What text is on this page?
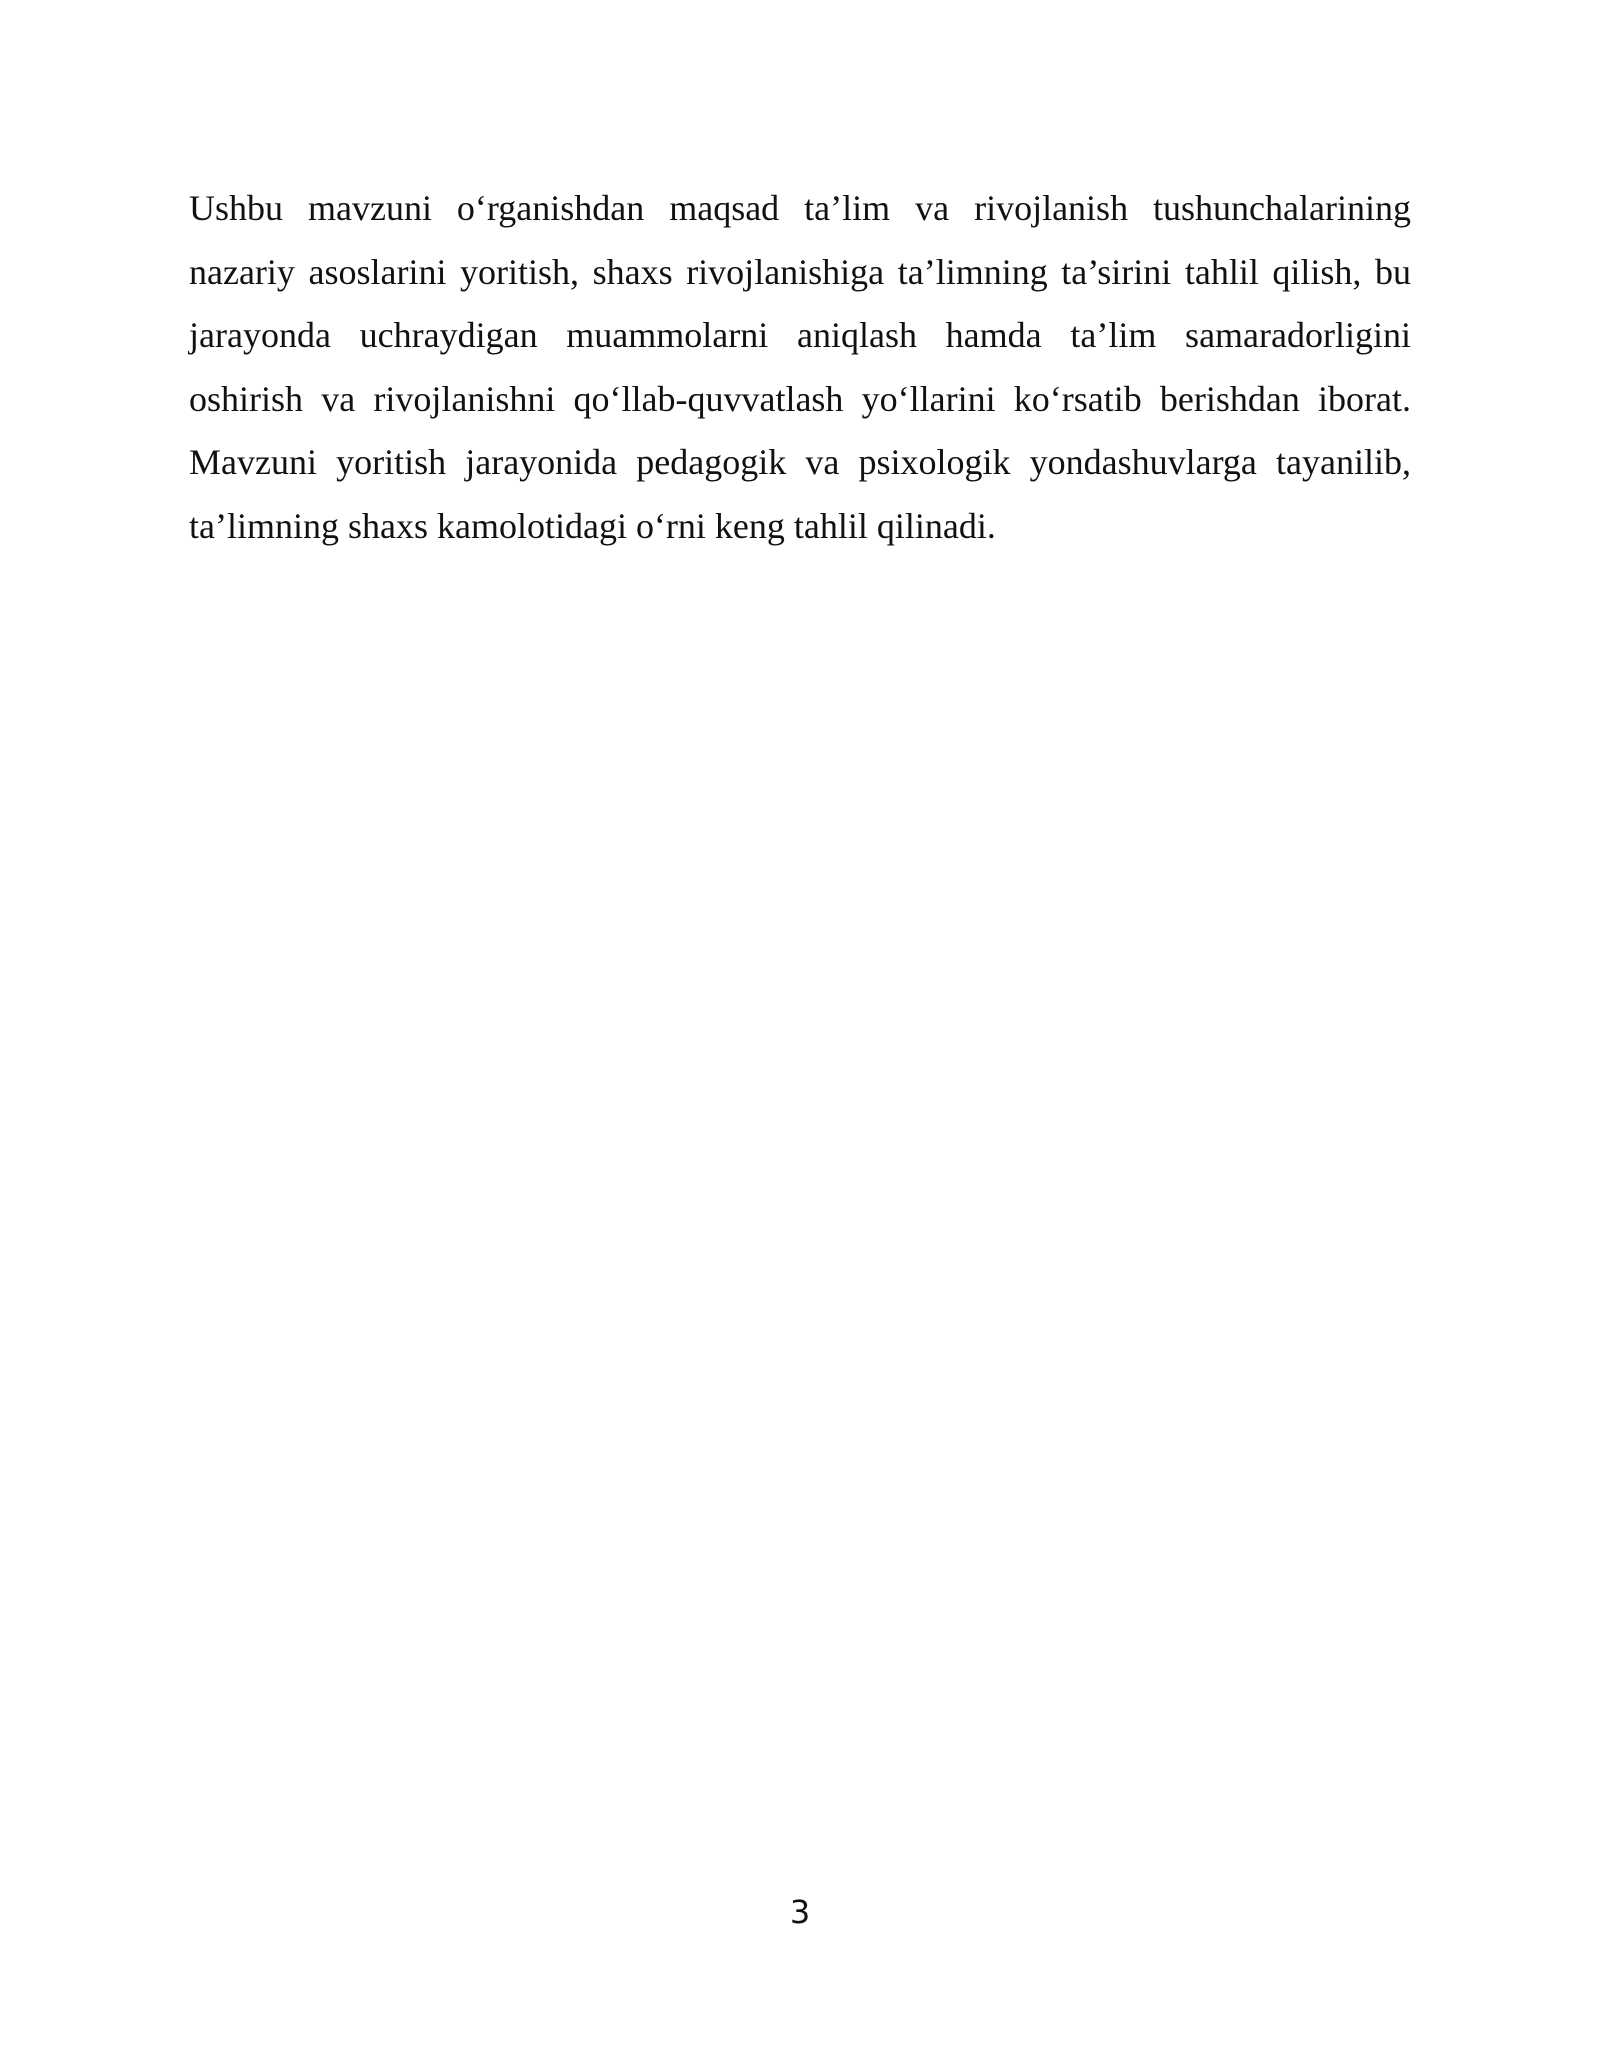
Ushbu mavzuni o‘rganishdan maqsad ta’lim va rivojlanish tushunchalarining
nazariy asoslarini yoritish, shaxs rivojlanishiga ta’limning ta’sirini tahlil qilish, bu
jarayonda uchraydigan muammolarni aniqlash hamda ta’lim samaradorligini
oshirish va rivojlanishni qo‘llab-quvvatlash yo‘llarini ko‘rsatib berishdan iborat.
Mavzuni yoritish jarayonida pedagogik va psixologik yondashuvlarga tayanilib,
ta’limning shaxs kamolotidagi o‘rni keng tahlil qilinadi.

3
